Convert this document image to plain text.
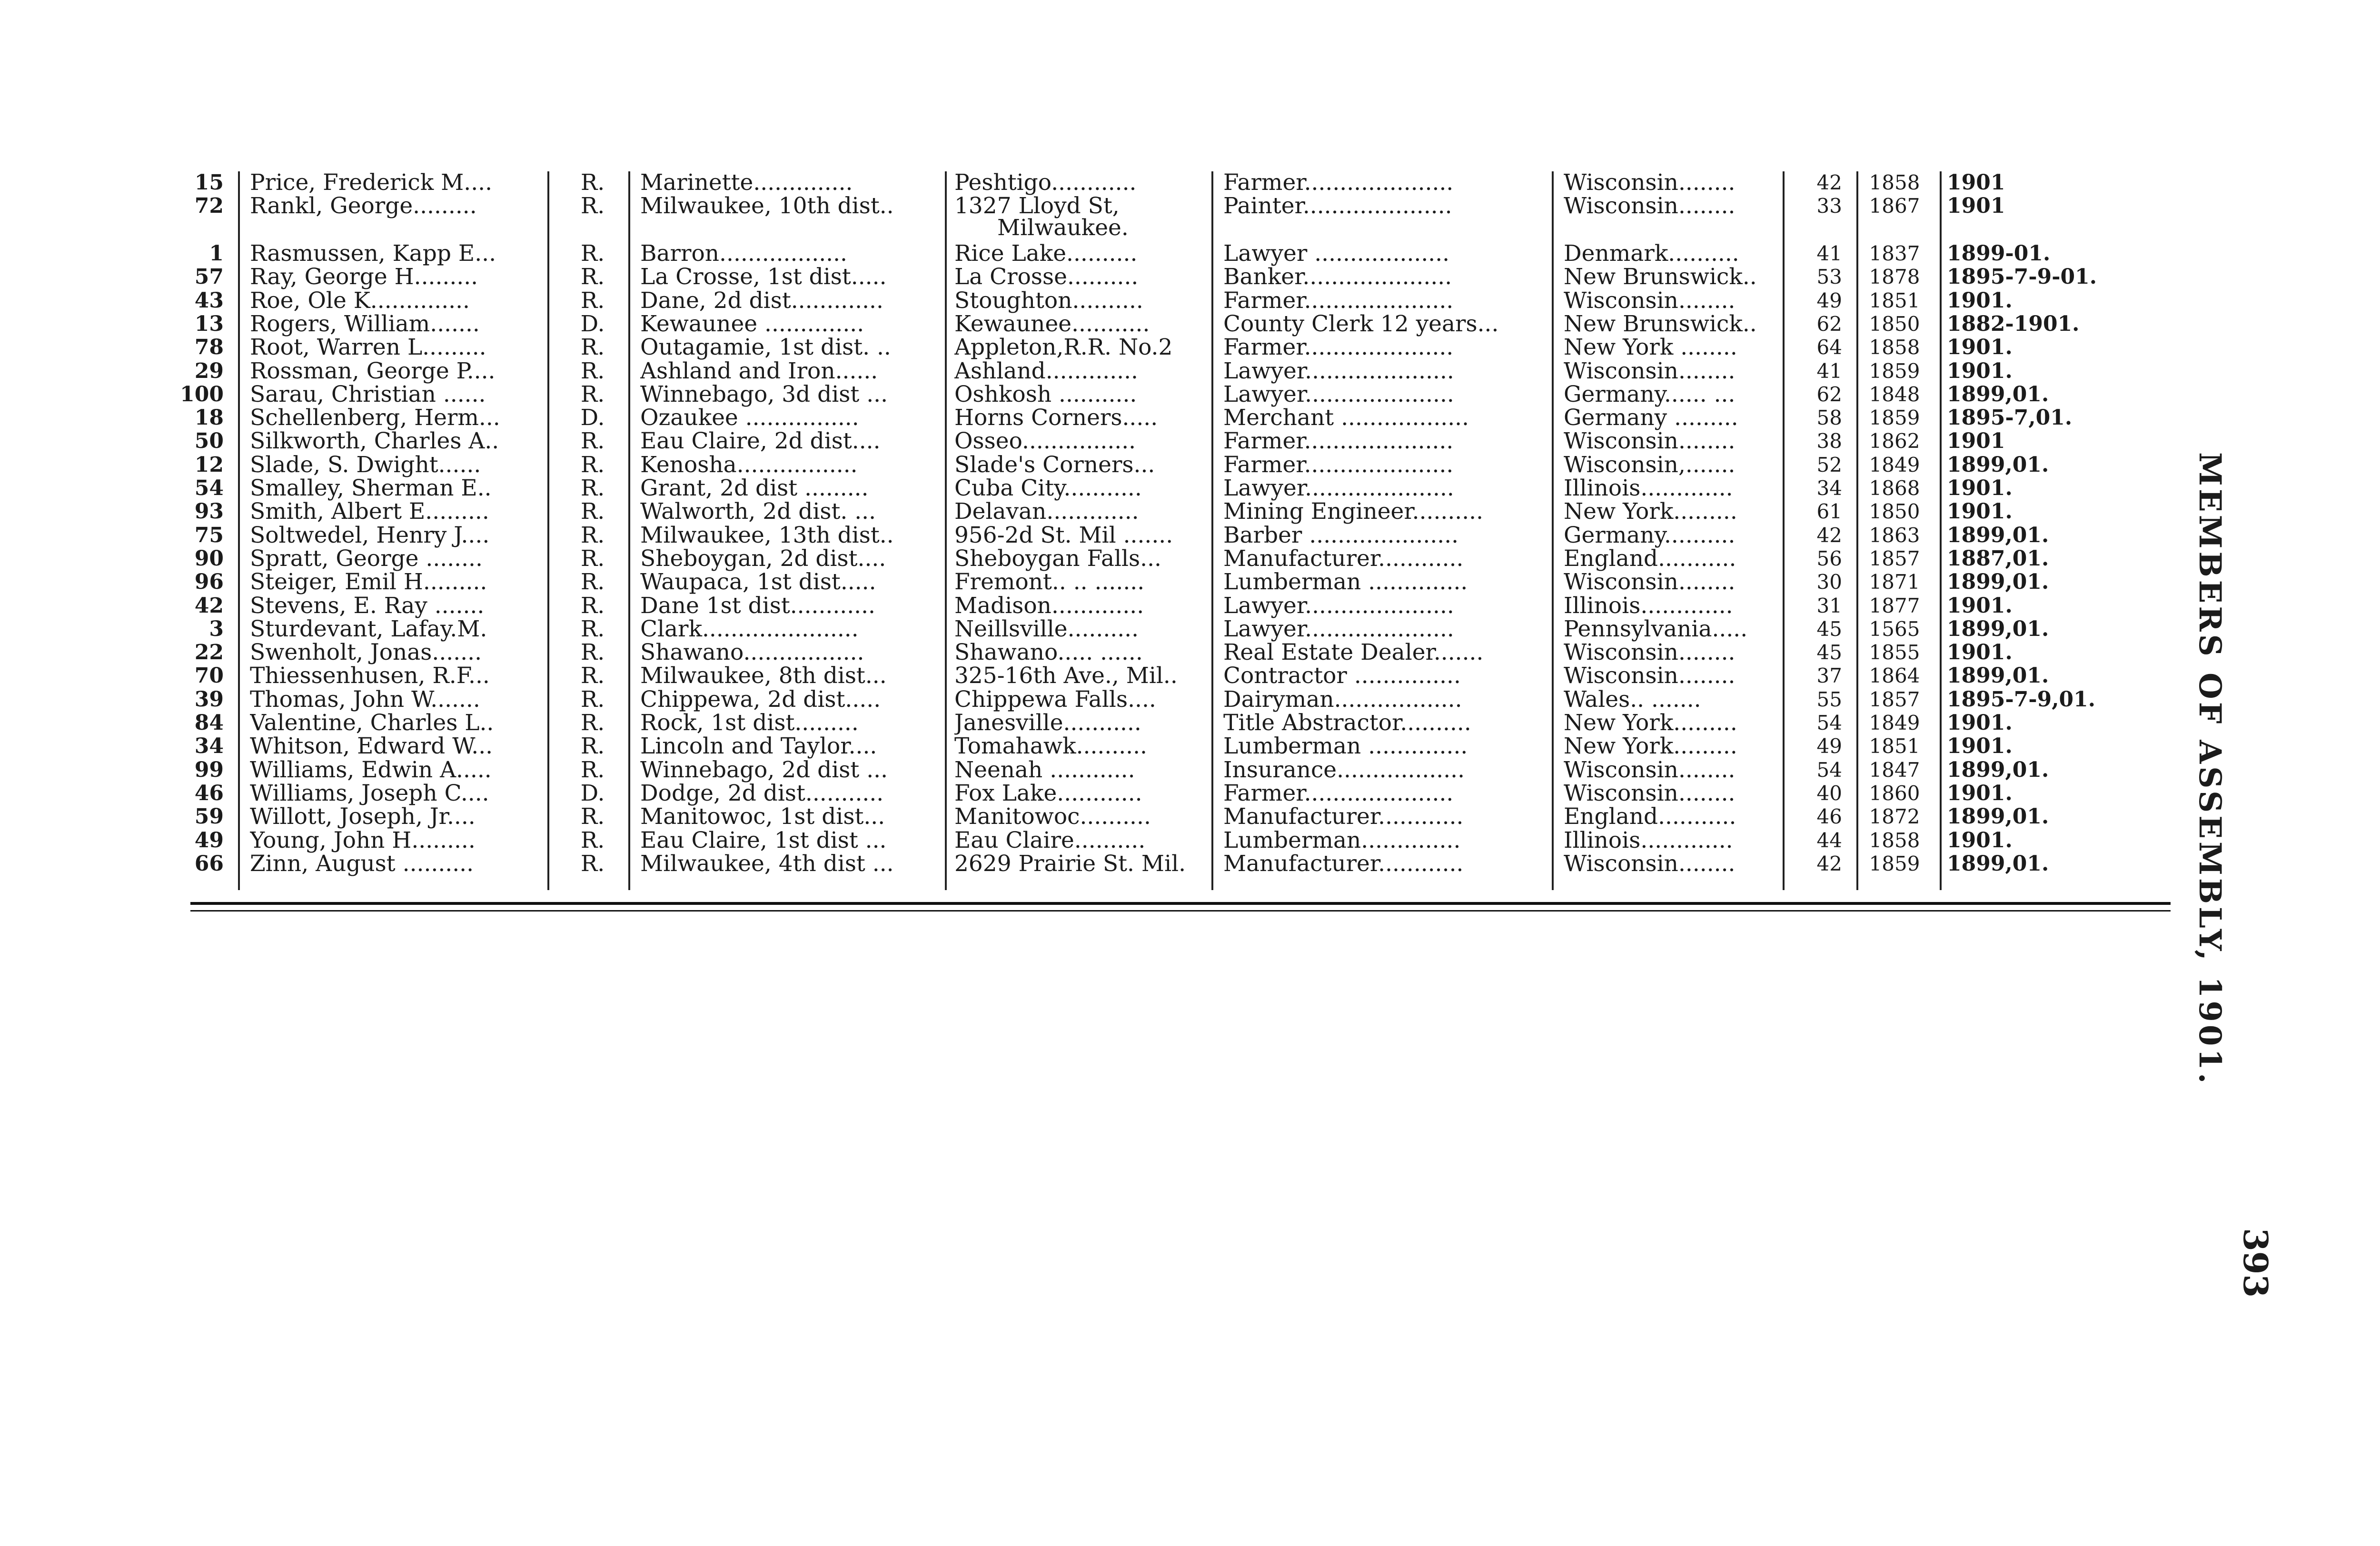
15 Price, Frederick M....	R.	Marinette..............	Peshtigo............	Farmer.....................	Wisconsin........	42 1858 1901
72 Rankl, George.........	R.	Milwaukee, 10th dist..	1327 Lloyd St,	Painter.....................	Wisconsin........	33 1867 1901
Milwaukee.
1 Rasmussen, Kapp E...	R.	Barron..................	Rice Lake..........	Lawyer ...................	Denmark..........	41 1837 1899-01.
57 Ray, George H.........	R.	La Crosse, 1st dist.....	La Crosse..........	Banker.....................	New Brunswick..	53 1878 1895-7-9-01.
43 Roe, Ole K..............	R.	Dane, 2d dist.............	Stoughton..........	Farmer.....................	Wisconsin........	49 1851 1901.
13 Rogers, William.......	D.	Kewaunee ..............	Kewaunee...........	County Clerk 12 years...	New Brunswick..	62 1850 1882-1901.
78 Root, Warren L.........	R.	Outagamie, 1st dist. ..	Appleton,R.R. No.2	Farmer.....................	New York ........	64 1858 1901.
29 Rossman, George P....	R.	Ashland and Iron......	Ashland.............	Lawyer.....................	Wisconsin........	41 1859 1901.
100 Sarau, Christian ......	R.	Winnebago, 3d dist ...	Oshkosh ...........	Lawyer.....................	Germany...... ...	62 1848 1899,01.
18 Schellenberg, Herm...	D.	Ozaukee ................	Horns Corners.....	Merchant ..................	Germany .........	58 1859 1895-7,01.
50 Silkworth, Charles A..	R.	Eau Claire, 2d dist....	Osseo................	Farmer.....................	Wisconsin........	38 1862 1901
12 Slade, S. Dwight......	R.	Kenosha.................	Slade's Corners...	Farmer.....................	Wisconsin,.......	52 1849 1899,01.
54 Smalley, Sherman E..	R.	Grant, 2d dist .........	Cuba City...........	Lawyer.....................	Illinois.............	34 1868 1901.
93 Smith, Albert E.........	R.	Walworth, 2d dist. ...	Delavan.............	Mining Engineer..........	New York.........	61 1850 1901.
75 Soltwedel, Henry J....	R.	Milwaukee, 13th dist..	956-2d St. Mil .......	Barber .....................	Germany..........	42 1863 1899,01.
90 Spratt, George ........	R.	Sheboygan, 2d dist....	Sheboygan Falls...	Manufacturer............	England...........	56 1857 1887,01.
96 Steiger, Emil H.........	R.	Waupaca, 1st dist.....	Fremont.. .. .......	Lumberman ..............	Wisconsin........	30 1871 1899,01.
42 Stevens, E. Ray .......	R.	Dane 1st dist............	Madison.............	Lawyer.....................	Illinois.............	31 1877 1901.
3 Sturdevant, Lafay.M.	R.	Clark......................	Neillsville..........	Lawyer.....................	Pennsylvania.....	45 1565 1899,01.
22 Swenholt, Jonas.......	R.	Shawano.................	Shawano..... ......	Real Estate Dealer.......	Wisconsin........	45 1855 1901.
70 Thiessenhusen, R.F...	R.	Milwaukee, 8th dist...	325-16th Ave., Mil..	Contractor ...............	Wisconsin........	37 1864 1899,01.
39 Thomas, John W.......	R.	Chippewa, 2d dist.....	Chippewa Falls....	Dairyman..................	Wales.. .......	55 1857 1895-7-9,01.
84 Valentine, Charles L..	R.	Rock, 1st dist.........	Janesville...........	Title Abstractor..........	New York.........	54 1849 1901.
34 Whitson, Edward W...	R.	Lincoln and Taylor....	Tomahawk..........	Lumberman ..............	New York.........	49 1851 1901.
99 Williams, Edwin A.....	R.	Winnebago, 2d dist ...	Neenah ............	Insurance..................	Wisconsin........	54 1847 1899,01.
46 Williams, Joseph C....	D.	Dodge, 2d dist...........	Fox Lake............	Farmer.....................	Wisconsin........	40 1860 1901.
59 Willott, Joseph, Jr....	R.	Manitowoc, 1st dist...	Manitowoc..........	Manufacturer............	England...........	46 1872 1899,01.
49 Young, John H.........	R.	Eau Claire, 1st dist ...	Eau Claire..........	Lumberman..............	Illinois.............	44 1858 1901.
66 Zinn, August ..........	R.	Milwaukee, 4th dist ...	2629 Prairie St. Mil.	Manufacturer............	Wisconsin........	42 1859 1899,01.	MEMBERS OF ASSEMBLY, 1901.
393
